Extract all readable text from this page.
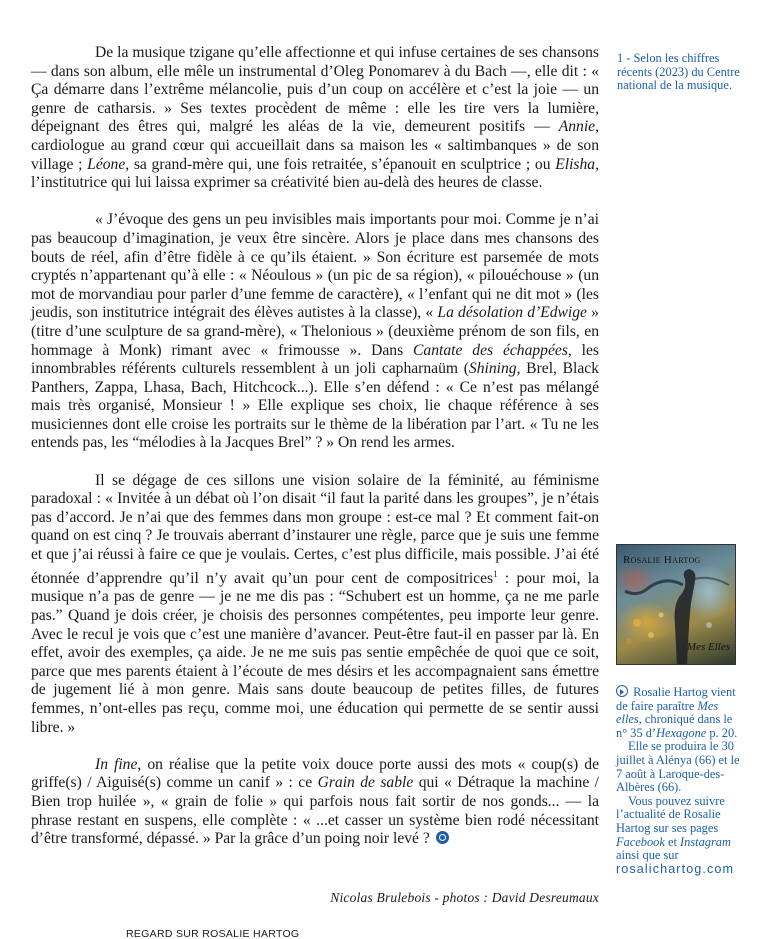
De la musique tzigane qu’elle affectionne et qui infuse certaines de ses chansons — dans son album, elle mêle un instrumental d’Oleg Ponomarev à du Bach —, elle dit : « Ça démarre dans l’extrême mélancolie, puis d’un coup on accélère et c’est la joie — un genre de catharsis. » Ses textes procèdent de même : elle les tire vers la lumière, dépeignant des êtres qui, malgré les aléas de la vie, demeurent positifs — Annie, cardiologue au grand cœur qui accueillait dans sa maison les « saltimbanques » de son village ; Léone, sa grand-mère qui, une fois retraitée, s’épanouit en sculptrice ; ou Elisha, l’institutrice qui lui laissa exprimer sa créativité bien au-delà des heures de classe.

« J’évoque des gens un peu invisibles mais importants pour moi. Comme je n’ai pas beaucoup d’imagination, je veux être sincère. Alors je place dans mes chansons des bouts de réel, afin d’être fidèle à ce qu’ils étaient. » Son écriture est parsemée de mots cryptés n’appartenant qu’à elle : « Néoulous » (un pic de sa région), « pilouéchouse » (un mot de morvandiau pour parler d’une femme de caractère), « l’enfant qui ne dit mot » (les jeudis, son institutrice intégrait des élèves autistes à la classe), « La désolation d’Edwige » (titre d’une sculpture de sa grand-mère), « Thelonious » (deuxième prénom de son fils, en hommage à Monk) rimant avec « frimousse ». Dans Cantate des échappées, les innombrables référents culturels ressemblent à un joli capharnaüm (Shining, Brel, Black Panthers, Zappa, Lhasa, Bach, Hitchcock...). Elle s’en défend : « Ce n’est pas mélangé mais très organisé, Monsieur ! » Elle explique ses choix, lie chaque référence à ses musiciennes dont elle croise les portraits sur le thème de la libération par l’art. « Tu ne les entends pas, les “mélodies à la Jacques Brel” ? » On rend les armes.

Il se dégage de ces sillons une vision solaire de la féminité, au féminisme paradoxal : « Invitée à un débat où l’on disait “il faut la parité dans les groupes”, je n’étais pas d’accord. Je n’ai que des femmes dans mon groupe : est-ce mal ? Et comment fait-on quand on est cinq ? Je trouvais aberrant d’instaurer une règle, parce que je suis une femme et que j’ai réussi à faire ce que je voulais. Certes, c’est plus difficile, mais possible. J’ai été étonnée d’apprendre qu’il n’y avait qu’un pour cent de compositrices$^1$ : pour moi, la musique n’a pas de genre — je ne me dis pas : “Schubert est un homme, ça ne me parle pas.” Quand je dois créer, je choisis des personnes compétentes, peu importe leur genre. Avec le recul je vois que c’est une manière d’avancer. Peut-être faut-il en passer par là. En effet, avoir des exemples, ça aide. Je ne me suis pas sentie empêchée de quoi que ce soit, parce que mes parents étaient à l’écoute de mes désirs et les accompagnaient sans émettre de jugement lié à mon genre. Mais sans doute beaucoup de petites filles, de futures femmes, n’ont-elles pas reçu, comme moi, une éducation qui permette de se sentir aussi libre. »

In fine, on réalise que la petite voix douce porte aussi des mots « coup(s) de griffe(s) / Aiguisé(s) comme un canif » : ce Grain de sable qui « Détraque la machine / Bien trop huilée », « grain de folie » qui parfois nous fait sortir de nos gonds... — la phrase restant en suspens, elle complète : « ...et casser un système bien rodé nécessitant d’être transformé, dépassé. » Par la grâce d’un poing noir levé ?

Nicolas Brulebois - photos : David Desreumaux
REGARD SUR ROSALIE HARTOG
1 - Selon les chiffres récents (2023) du Centre national de la musique.
Rosalie Hartog
Mes Elles
Rosalie Hartog vient de faire paraître Mes elles, chroniqué dans le n° 35 d’Hexagone p. 20.
Elle se produira le 30 juillet à Alénya (66) et le 7 août à Laroque-des-Albères (66).
Vous pouvez suivre l’actualité de Rosalie Hartog sur ses pages Facebook et Instagram ainsi que sur
rosalichartog.com
